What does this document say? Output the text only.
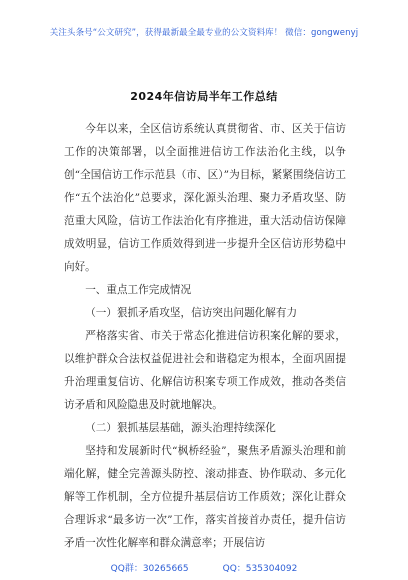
关注头条号“公文研究”，获得最新最全最专业的公文资料库！ 微信：gongwenyj
2024年信访局半年工作总结

今年以来，全区信访系统认真贯彻省、市、区关于信访工作的决策部署，以全面推进信访工作法治化主线，以争创“全国信访工作示范县（市、区）”为目标，紧紧围绕信访工作“五个法治化”总要求，深化源头治理、聚力矛盾攻坚、防范重大风险，信访工作法治化有序推进，重大活动信访保障成效明显，信访工作质效得到进一步提升全区信访形势稳中向好。

一、重点工作完成情况

（一）狠抓矛盾攻坚，信访突出问题化解有力

严格落实省、市关于常态化推进信访积案化解的要求，以维护群众合法权益促进社会和谐稳定为根本，全面巩固提升治理重复信访、化解信访积案专项工作成效，推动各类信访矛盾和风险隐患及时就地解决。

（二）狠抓基层基础，源头治理持续深化

坚持和发展新时代“枫桥经验”，聚焦矛盾源头治理和前端化解，健全完善源头防控、滚动排查、协作联动、多元化解等工作机制，全方位提升基层信访工作质效；深化让群众合理诉求“最多访一次”工作，落实首接首办责任，提升信访矛盾一次性化解率和群众满意率；开展信访

QQ群：30265665	QQ：535304092
